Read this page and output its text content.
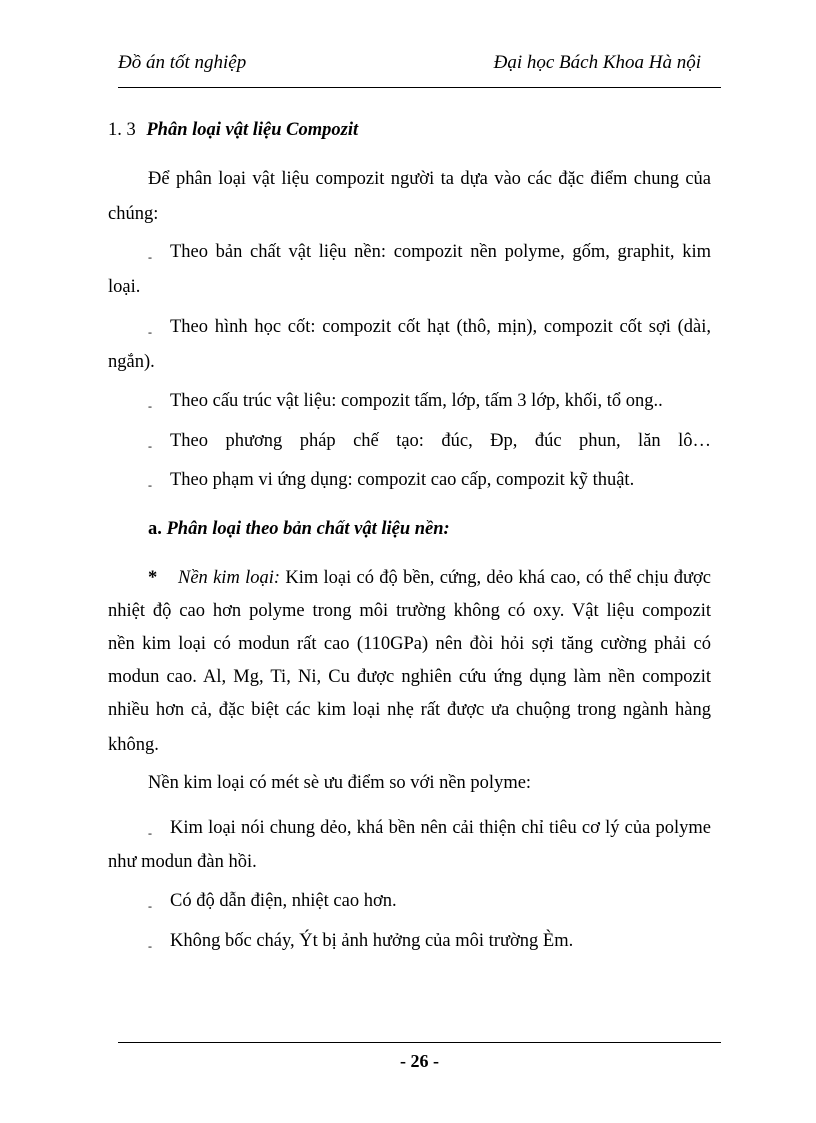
Đồ án tốt nghiệp	Đại học Bách Khoa Hà nội
1. 3 Phân loại vật liệu Compozit
Để phân loại vật liệu compozit người ta dựa vào các đặc điểm chung của
chúng:
- Theo bản chất vật liệu nền: compozit nền polyme, gốm, graphit, kim
loại.
- Theo hình học cốt: compozit cốt hạt (thô, mịn), compozit cốt sợi (dài,
ngắn).
- Theo cấu trúc vật liệu: compozit tấm, lớp, tấm 3 lớp, khối, tổ ong..
- Theo phương pháp chế tạo: đúc, Đp, đúc phun, lăn lô…
- Theo phạm vi ứng dụng: compozit cao cấp, compozit kỹ thuật.
a. Phân loại theo bản chất vật liệu nền:
* Nền kim loại: Kim loại có độ bền, cứng, dẻo khá cao, có thể chịu được
nhiệt độ cao hơn polyme trong môi trường không có oxy. Vật liệu compozit
nền kim loại có modun rất cao (110GPa) nên đòi hỏi sợi tăng cường phải có
modun cao. Al, Mg, Ti, Ni, Cu được nghiên cứu ứng dụng làm nền compozit
nhiều hơn cả, đặc biệt các kim loại nhẹ rất được ưa chuộng trong ngành hàng
không.
Nền kim loại có mét sè ưu điểm so với nền polyme:
- Kim loại nói chung dẻo, khá bền nên cải thiện chỉ tiêu cơ lý của polyme
như modun đàn hồi.
- Có độ dẫn điện, nhiệt cao hơn.
- Không bốc cháy, Ýt bị ảnh hưởng của môi trường Èm.
- 26 -
